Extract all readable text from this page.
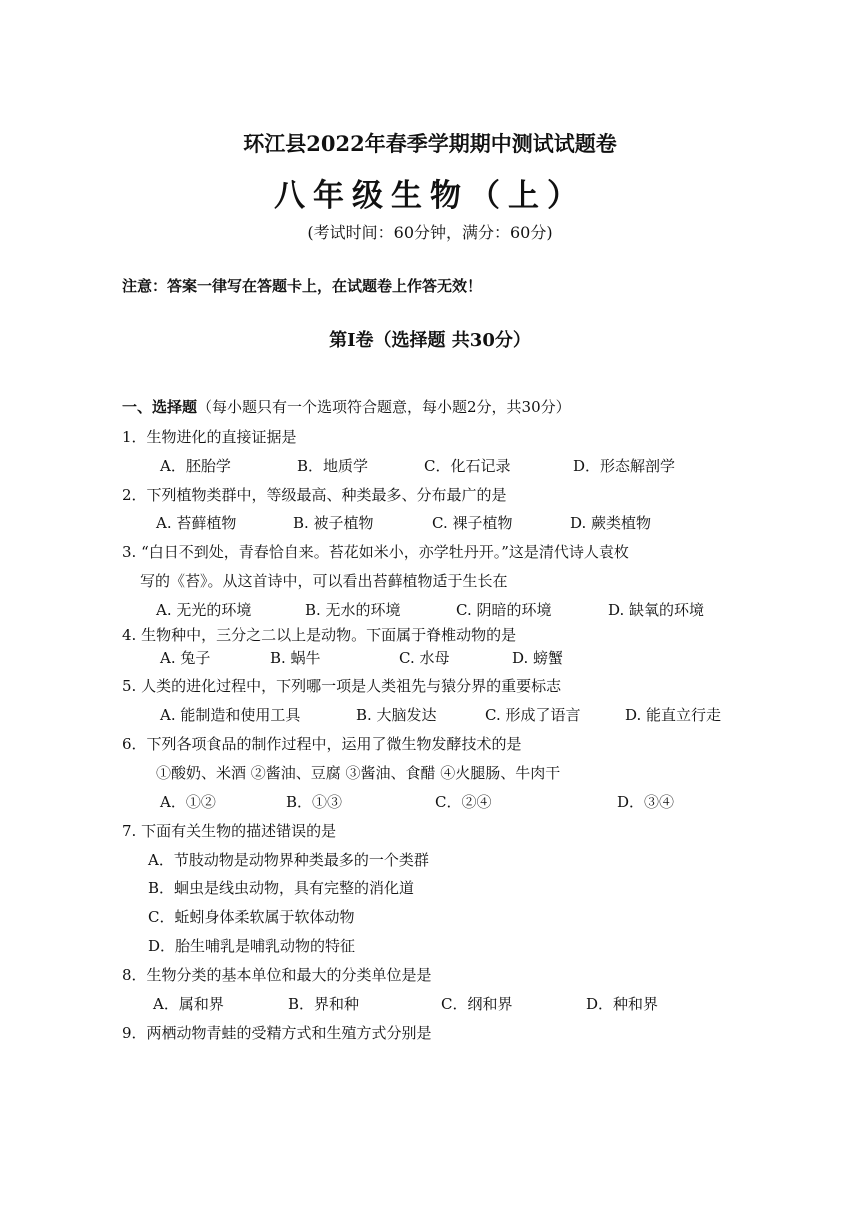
环江县2022年春季学期期中测试试题卷
八年级生物（上）
(考试时间：60分钟，满分：60分)
注意：答案一律写在答题卡上，在试题卷上作答无效！
第Ⅰ卷（选择题 共30分）
一、选择题（每小题只有一个选项符合题意，每小题2分，共30分）
1．生物进化的直接证据是
A．胚胎学	B．地质学	C．化石记录	D．形态解剖学
2．下列植物类群中，等级最高、种类最多、分布最广的是
A. 苔藓植物	B. 被子植物	C. 裸子植物	D. 蕨类植物
3. “白日不到处，青春恰自来。苔花如米小，亦学牡丹开。”这是清代诗人袁枚
写的《苔》。从这首诗中，可以看出苔藓植物适于生长在
A. 无光的环境	B. 无水的环境	C. 阴暗的环境	D. 缺氧的环境
4. 生物种中，三分之二以上是动物。下面属于脊椎动物的是
A. 兔子	B. 蜗牛	C. 水母	D. 螃蟹
5. 人类的进化过程中，下列哪一项是人类祖先与猿分界的重要标志
A. 能制造和使用工具	B. 大脑发达	C. 形成了语言	D. 能直立行走
6．下列各项食品的制作过程中，运用了微生物发酵技术的是
①酸奶、米酒 ②酱油、豆腐 ③酱油、食醋 ④火腿肠、牛肉干
A．①②	B．①③	C．②④	D．③④
7. 下面有关生物的描述错误的是
A．节肢动物是动物界种类最多的一个类群
B．蛔虫是线虫动物，具有完整的消化道
C．蚯蚓身体柔软属于软体动物
D．胎生哺乳是哺乳动物的特征
8．生物分类的基本单位和最大的分类单位是是
A．属和界	B．界和种	C．纲和界	D．种和界
9．两栖动物青蛙的受精方式和生殖方式分别是
